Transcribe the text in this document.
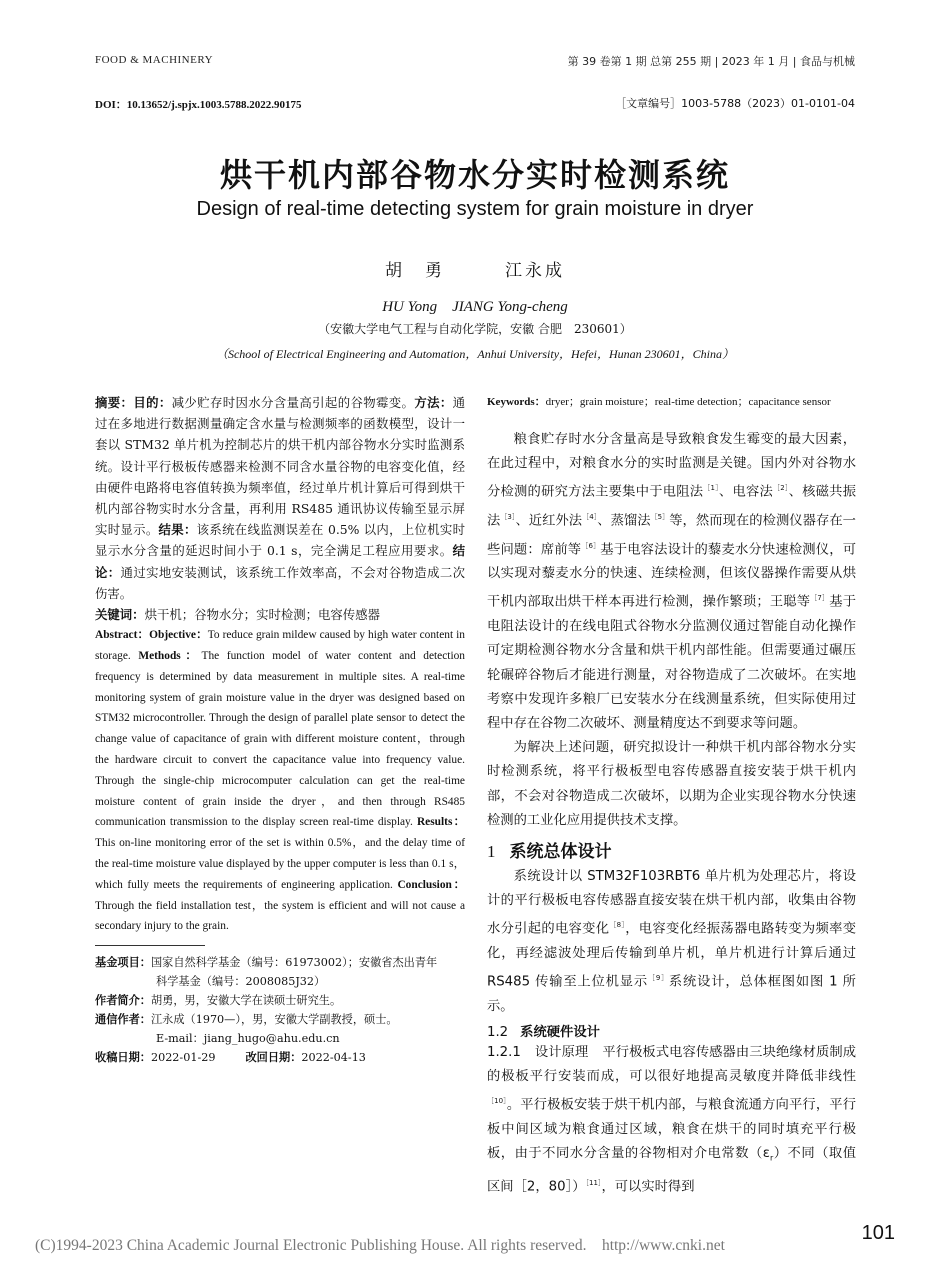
FOOD & MACHINERY	第 39 卷第 1 期 总第 255 期 | 2023 年 1 月 | 食品与机械
DOI：10.13652/j.spjx.1003.5788.2022.90175	［文章编号］1003-5788（2023）01-0101-04
烘干机内部谷物水分实时检测系统
Design of real-time detecting system for grain moisture in dryer
胡　勇　　　江永成
HU Yong　JIANG Yong-cheng
（安徽大学电气工程与自动化学院，安徽 合肥　230601）
（School of Electrical Engineering and Automation，Anhui University，Hefei，Hunan 230601，China）

摘要：目的：减少贮存时因水分含量高引起的谷物霉变。方法：通过在多地进行数据测量确定含水量与检测频率的函数模型，设计一套以 STM32 单片机为控制芯片的烘干机内部谷物水分实时监测系统。设计平行极板传感器来检测不同含水量谷物的电容变化值，经由硬件电路将电容值转换为频率值，经过单片机计算后可得到烘干机内部谷物实时水分含量，再利用 RS485 通讯协议传输至显示屏实时显示。结果：该系统在线监测误差在 0.5% 以内，上位机实时显示水分含量的延迟时间小于 0.1 s，完全满足工程应用要求。结论：通过实地安装测试，该系统工作效率高，不会对谷物造成二次伤害。

关键词：烘干机；谷物水分；实时检测；电容传感器

Abstract：Objective：To reduce grain mildew caused by high water content in storage. Methods：The function model of water content and detection frequency is determined by data measurement in multiple sites. A real-time monitoring system of grain moisture value in the dryer was designed based on STM32 microcontroller. Through the design of parallel plate sensor to detect the change value of capacitance of grain with different moisture content，through the hardware circuit to convert the capacitance value into frequency value. Through the single-chip microcomputer calculation can get the real-time moisture content of grain inside the dryer，and then through RS485 communication transmission to the display screen real-time display. Results：This on-line monitoring error of the set is within 0.5%，and the delay time of the real-time moisture value displayed by the upper computer is less than 0.1 s，which fully meets the requirements of engineering application. Conclusion：Through the field installation test，the system is efficient and will not cause a secondary injury to the grain.

基金项目：国家自然科学基金（编号：61973002）；安徽省杰出青年
科学基金（编号：2008085J32）
作者简介：胡勇，男，安徽大学在读硕士研究生。
通信作者：江永成（1970—），男，安徽大学副教授，硕士。
E-mail：jiang_hugo@ahu.edu.cn
收稿日期：2022-01-29	改回日期：2022-04-13

Keywords：dryer；grain moisture；real-time detection；capacitance sensor

粮食贮存时水分含量高是导致粮食发生霉变的最大因素，在此过程中，对粮食水分的实时监测是关键。国内外对谷物水分检测的研究方法主要集中于电阻法$^{[1]}$、电容法$^{[2]}$、核磁共振法$^{[3]}$、近红外法$^{[4]}$、蒸馏法$^{[5]}$等，然而现在的检测仪器存在一些问题：席前等$^{[6]}$基于电容法设计的藜麦水分快速检测仪，可以实现对藜麦水分的快速、连续检测，但该仪器操作需要从烘干机内部取出烘干样本再进行检测，操作繁琐；王聪等$^{[7]}$基于电阻法设计的在线电阻式谷物水分监测仪通过智能自动化操作可定期检测谷物水分含量和烘干机内部性能。但需要通过碾压轮碾碎谷物后才能进行测量，对谷物造成了二次破坏。在实地考察中发现许多粮厂已安装水分在线测量系统，但实际使用过程中存在谷物二次破坏、测量精度达不到要求等问题。

为解决上述问题，研究拟设计一种烘干机内部谷物水分实时检测系统，将平行极板型电容传感器直接安装于烘干机内部，不会对谷物造成二次破坏，以期为企业实现谷物水分快速检测的工业化应用提供技术支撑。

1 系统总体设计

系统设计以 STM32F103RBT6 单片机为处理芯片，将设计的平行极板电容传感器直接安装在烘干机内部，收集由谷物水分引起的电容变化$^{[8]}$，电容变化经振荡器电路转变为频率变化，再经滤波处理后传输到单片机，单片机进行计算后通过 RS485 传输至上位机显示$^{[9]}$系统设计，总体框图如图 1 所示。

1.2 系统硬件设计

1.2.1 设计原理 平行极板式电容传感器由三块绝缘材质制成的极板平行安装而成，可以很好地提高灵敏度并降低非线性$^{[10]}$。平行极板安装于烘干机内部，与粮食流通方向平行，平行板中间区域为粮食通过区域，粮食在烘干的同时填充平行极板，由于不同水分含量的谷物相对介电常数$(\varepsilon_r)$不同（取值区间［2，80］）$^{[11]}$，可以实时得到

(C)1994-2023 China Academic Journal Electronic Publishing House. All rights reserved.　http://www.cnki.net
101
